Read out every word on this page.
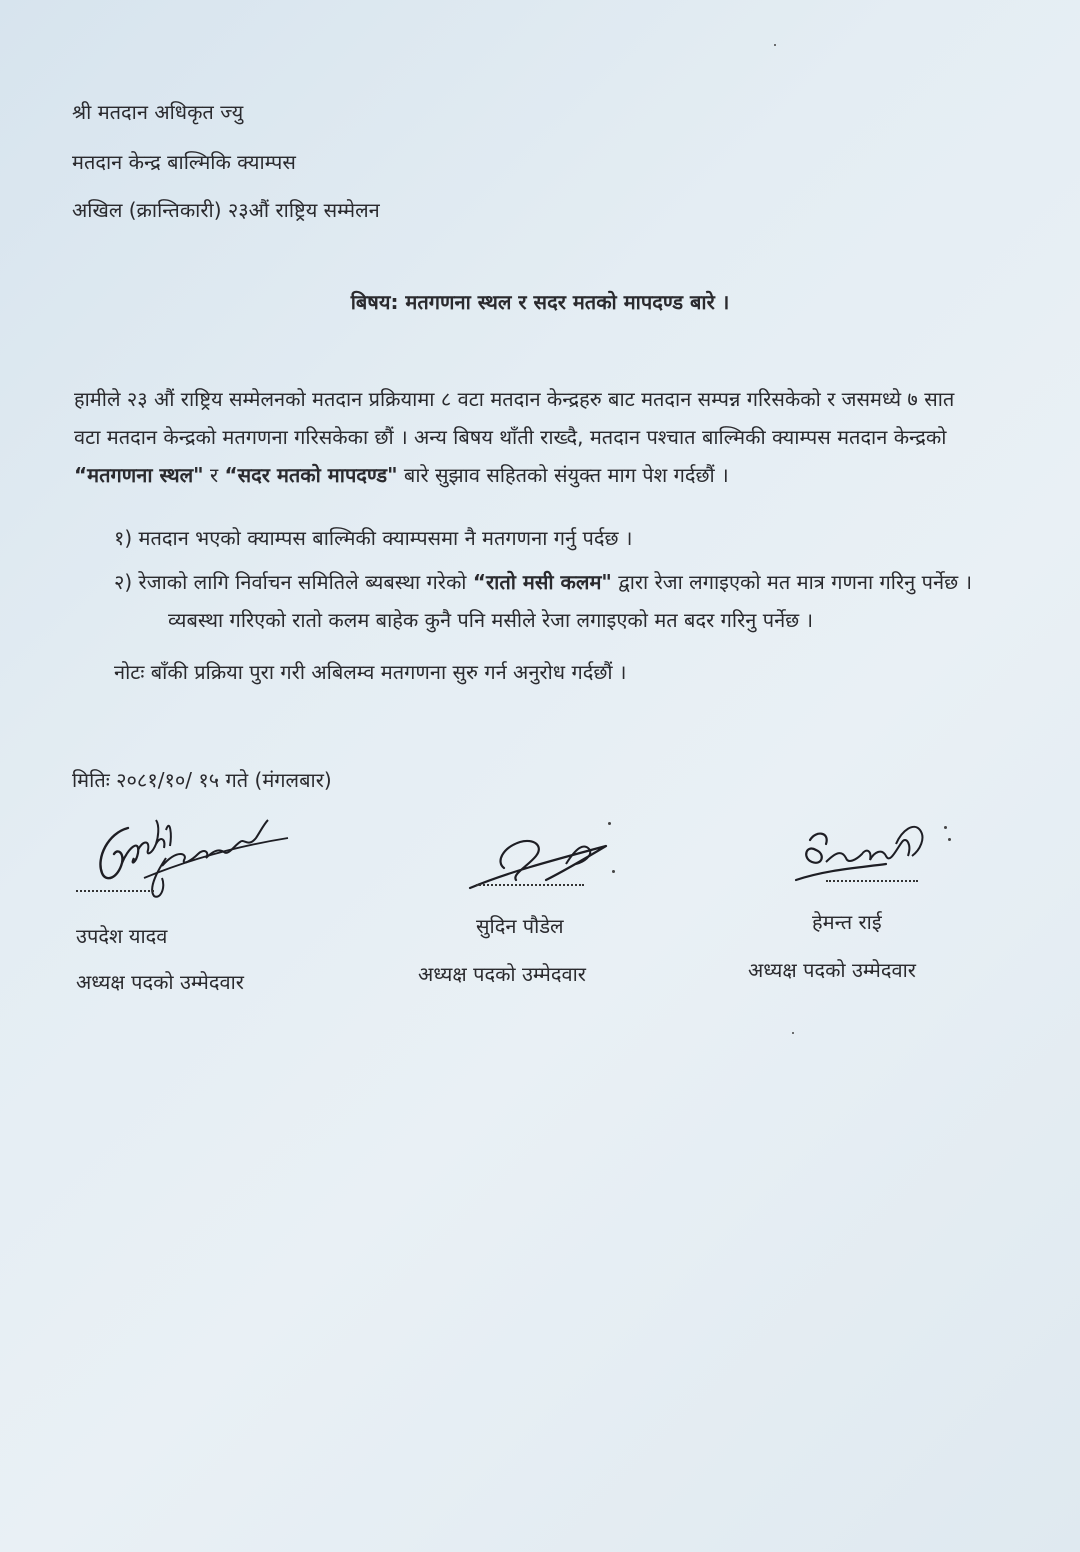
श्री मतदान अधिकृत ज्यु
मतदान केन्द्र बाल्मिकि क्याम्पस
अखिल (क्रान्तिकारी) २३औं राष्ट्रिय सम्मेलन
बिषय: मतगणना स्थल र सदर मतको मापदण्ड बारे ।
हामीले २३ औं राष्ट्रिय सम्मेलनको मतदान प्रक्रियामा ८ वटा मतदान केन्द्रहरु बाट मतदान सम्पन्न गरिसकेको र जसमध्ये ७ सात
वटा मतदान केन्द्रको मतगणना गरिसकेका छौं । अन्य बिषय थाँती राख्दै, मतदान पश्चात बाल्मिकी क्याम्पस मतदान केन्द्रको
“मतगणना स्थल" र “सदर मतको मापदण्ड" बारे सुझाव सहितको संयुक्त माग पेश गर्दछौं ।
१) मतदान भएको क्याम्पस बाल्मिकी क्याम्पसमा नै मतगणना गर्नु पर्दछ ।
२) रेजाको लागि निर्वाचन समितिले ब्यबस्था गरेको “रातो मसी कलम" द्वारा रेजा लगाइएको मत मात्र गणना गरिनु पर्नेछ ।
व्यबस्था गरिएको रातो कलम बाहेक कुनै पनि मसीले रेजा लगाइएको मत बदर गरिनु पर्नेछ ।
नोटः बाँकी प्रक्रिया पुरा गरी अबिलम्व मतगणना सुरु गर्न अनुरोध गर्दछौं ।
मितिः २०८१/१०/ १५ गते (मंगलबार)
उपदेश यादव
अध्यक्ष पदको उम्मेदवार
सुदिन पौडेल
अध्यक्ष पदको उम्मेदवार
हेमन्त राई
अध्यक्ष पदको उम्मेदवार
